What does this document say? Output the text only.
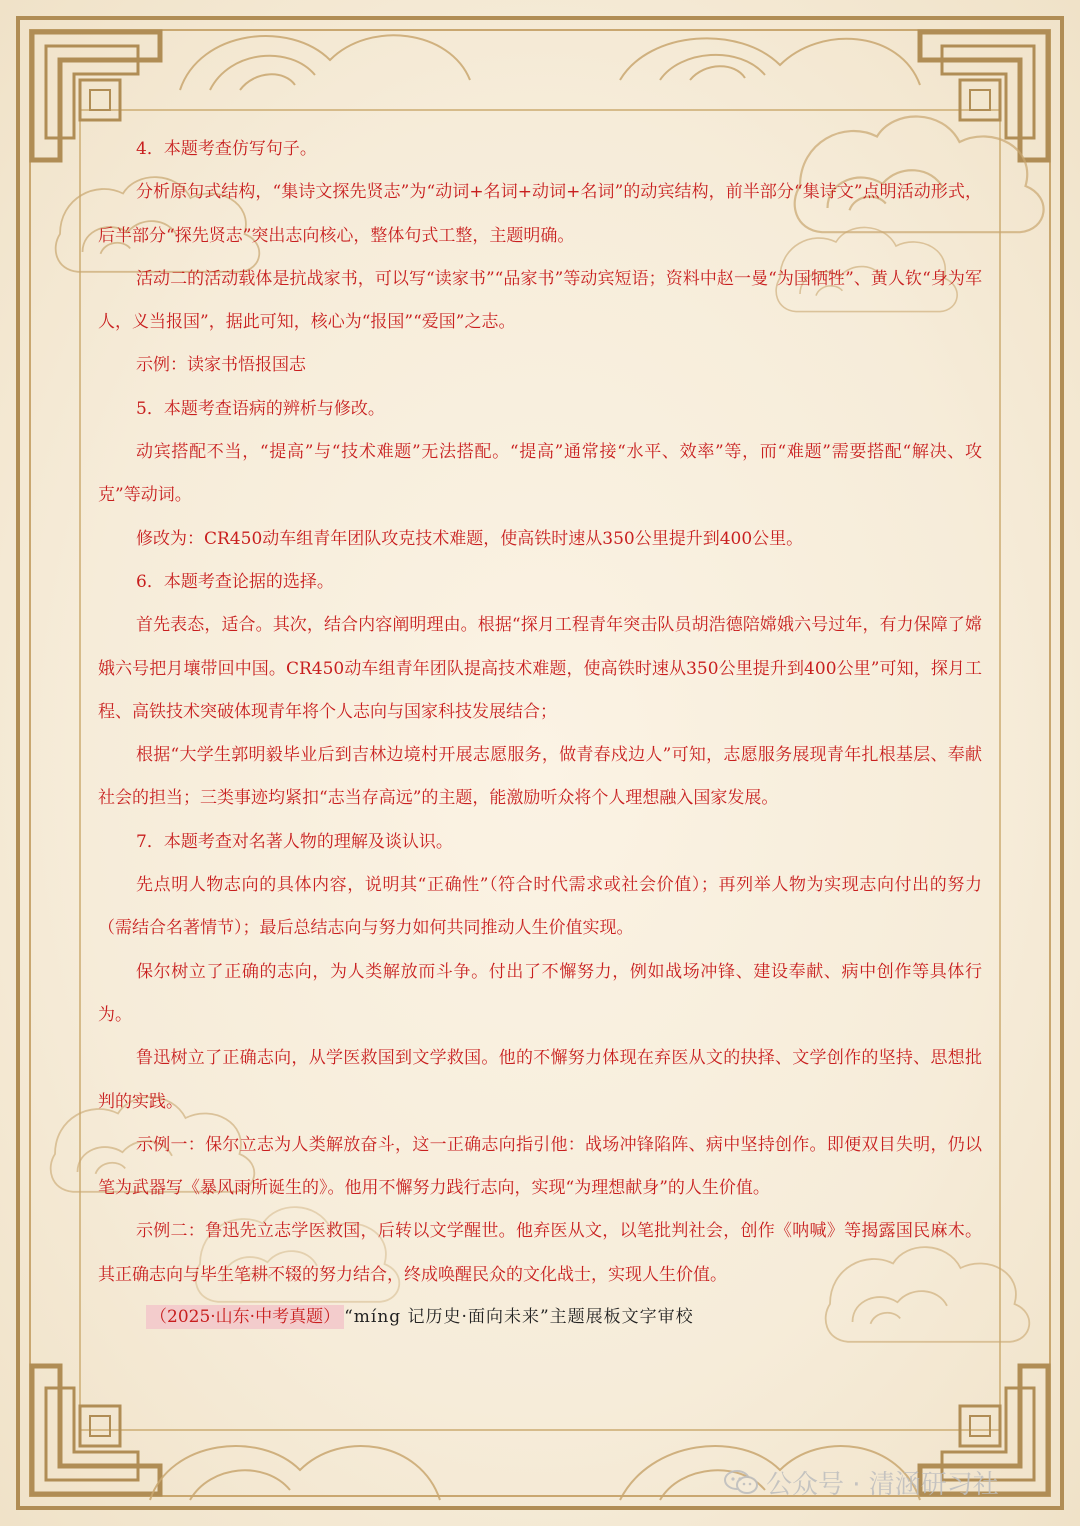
4．本题考查仿写句子。

分析原句式结构，“集诗文探先贤志”为“动词+名词+动词+名词”的动宾结构，前半部分“集诗文”点明活动形式，后半部分“探先贤志”突出志向核心，整体句式工整，主题明确。

活动二的活动载体是抗战家书，可以写“读家书”“品家书”等动宾短语；资料中赵一曼“为国牺牲”、黄人钦“身为军人，义当报国”，据此可知，核心为“报国”“爱国”之志。

示例：读家书悟报国志

5．本题考查语病的辨析与修改。

动宾搭配不当，“提高”与“技术难题”无法搭配。“提高”通常接“水平、效率”等，而“难题”需要搭配“解决、攻克”等动词。

修改为：CR450动车组青年团队攻克技术难题，使高铁时速从350公里提升到400公里。

6．本题考查论据的选择。

首先表态，适合。其次，结合内容阐明理由。根据“探月工程青年突击队员胡浩德陪嫦娥六号过年，有力保障了嫦娥六号把月壤带回中国。CR450动车组青年团队提高技术难题，使高铁时速从350公里提升到400公里”可知，探月工程、高铁技术突破体现青年将个人志向与国家科技发展结合；

根据“大学生郭明毅毕业后到吉林边境村开展志愿服务，做青春戍边人”可知，志愿服务展现青年扎根基层、奉献社会的担当；三类事迹均紧扣“志当存高远”的主题，能激励听众将个人理想融入国家发展。

7．本题考查对名著人物的理解及谈认识。

先点明人物志向的具体内容，说明其“正确性”（符合时代需求或社会价值）；再列举人物为实现志向付出的努力（需结合名著情节）；最后总结志向与努力如何共同推动人生价值实现。

保尔树立了正确的志向，为人类解放而斗争。付出了不懈努力，例如战场冲锋、建设奉献、病中创作等具体行为。

鲁迅树立了正确志向，从学医救国到文学救国。他的不懈努力体现在弃医从文的抉择、文学创作的坚持、思想批判的实践。

示例一：保尔立志为人类解放奋斗，这一正确志向指引他：战场冲锋陷阵、病中坚持创作。即便双目失明，仍以笔为武器写《暴风雨所诞生的》。他用不懈努力践行志向，实现“为理想献身”的人生价值。

示例二：鲁迅先立志学医救国，后转以文学醒世。他弃医从文，以笔批判社会，创作《呐喊》等揭露国民麻木。其正确志向与毕生笔耕不辍的努力结合，终成唤醒民众的文化战士，实现人生价值。

（2025·山东·中考真题） “míng 记历史·面向未来”主题展板文字审校
公众号 · 清涵研习社
